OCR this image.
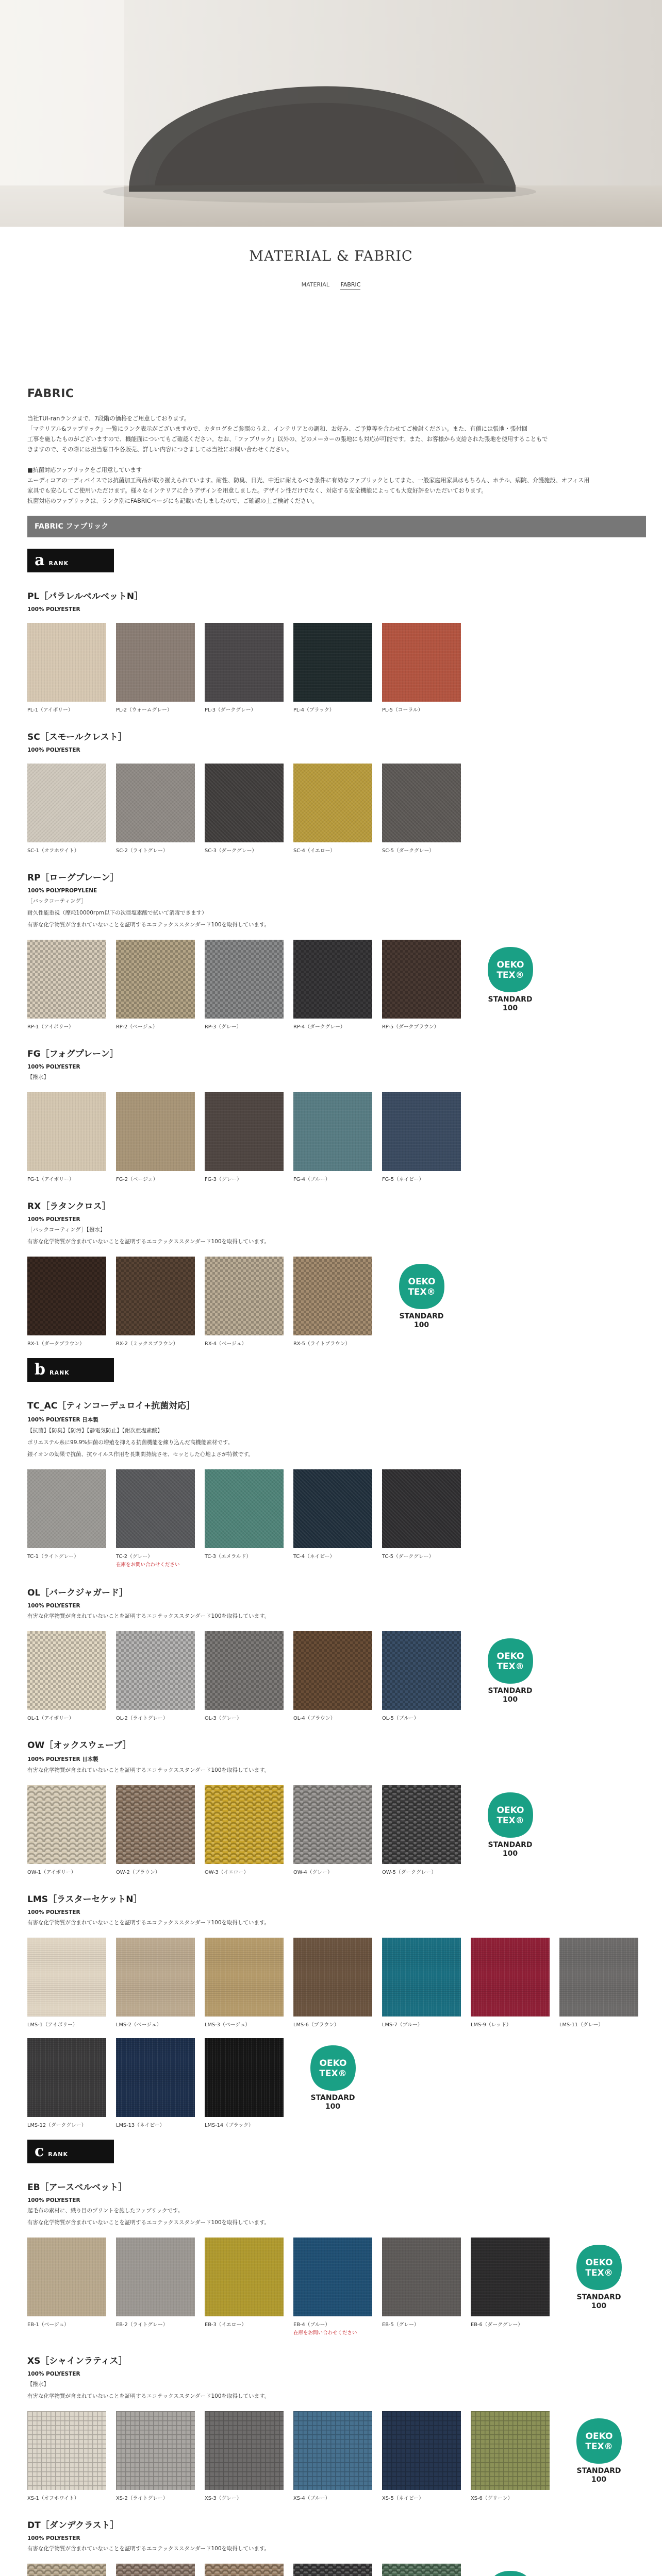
MATERIAL & FABRIC
MATERIAL FABRIC
FABRIC

当社TUI-ranランクまで、7段階の価格をご用意しております。

「マテリアル&ファブリック」一覧にランク表示がございますので、カタログをご参照のうえ、インテリアとの調和、お好み、ご予算等を合わせてご検討ください。また、有償には張地・張付回

工事を施したものがございますので、機能面についてもご確認ください。なお、「ファブリック」以外の、どのメーカーの張地にも対応が可能です。また、お客様から支給された張地を使用することもで

きますので、その際には担当窓口や各販売、詳しい内容につきましては当社にお問い合わせください。

■抗菌対応ファブリックをご用意しています

エーディコアの一ディバイスでは抗菌加工商品が取り揃えられています。耐性、防臭、日光、中近に耐えるべき条件に有効なファブリックとしてまた、一般家庭用家具はもちろん、ホテル、病院、介護施設、オフィス用

家具でも安心してご使用いただけます。様々なインテリアに合うデザインを用意しました。デザイン性だけでなく、対応する安全機能によっても大変好評をいただいております。

抗菌対応のファブリックは、ランク別にFABRICページにも記載いたしましたので、ご確認の上ご検討ください。

FABRIC ファブリック
a RANK
PL［パラレルベルベットN］
100% POLYESTER
PL-1（アイボリー）	PL-2（ウォームグレー）	PL-3（ダークグレー）	PL-4（ブラック）	PL-5（コーラル）
SC［スモールクレスト］
100% POLYESTER
SC-1（オフホワイト）	SC-2（ライトグレー）	SC-3（ダークグレー）	SC-4（イエロー）	SC-5（ダークグレー）
RP［ローグプレーン］
100% POLYPROPYLENE
［バックコーティング］
耐久性能重視（摩耗10000rpm以下の次亜塩素酸で拭いて消毒できます）
有害な化学物質が含まれていないことを証明するエコテックススタンダード100を取得しています。
RP-1（アイボリー）	RP-2（ベージュ）	RP-3（グレー）	RP-4（ダークグレー）	RP-5（ダークブラウン）
OEKO
TEX®
STANDARD
100
FG［フォグプレーン］
100% POLYESTER
【撥水】
FG-1（アイボリー）	FG-2（ベージュ）	FG-3（グレー）	FG-4（ブルー）	FG-5（ネイビー）
RX［ラタンクロス］
100% POLYESTER
［バックコーティング］【撥水】
有害な化学物質が含まれていないことを証明するエコテックススタンダード100を取得しています。
RX-1（ダークブラウン）	RX-2（ミックスブラウン）	RX-4（ベージュ）	RX-5（ライトブラウン）
OEKO
TEX®
STANDARD
100
b RANK
TC_AC［ティンコーデュロイ+抗菌対応］
100% POLYESTER 日本製
【抗菌】【防臭】【防汚】【静電気防止】【耐次亜塩素酸】
ポリエステル糸に99.9%細菌の増殖を抑える抗菌機能を練り込んだ高機能素材です。
銀イオンの効果で抗菌、抗ウイルス作用を長期間持続させ、セッとした心地よさが特徴です。
TC-1（ライトグレー）	TC-2（グレー）
在庫をお問い合わせください
TC-3（エメラルド）	TC-4（ネイビー）	TC-5（ダークグレー）
OL［バークジャガード］
100% POLYESTER
有害な化学物質が含まれていないことを証明するエコテックススタンダード100を取得しています。
OL-1（アイボリー）	OL-2（ライトグレー）	OL-3（グレー）	OL-4（ブラウン）	OL-5（ブルー）
OEKO
TEX®
STANDARD
100
OW［オックスウェーブ］
100% POLYESTER 日本製
有害な化学物質が含まれていないことを証明するエコテックススタンダード100を取得しています。
OW-1（アイボリー）	OW-2（ブラウン）	OW-3（イエロー）	OW-4（グレー）	OW-5（ダークグレー）
OEKO
TEX®
STANDARD
100
LMS［ラスターセケットN］
100% POLYESTER
有害な化学物質が含まれていないことを証明するエコテックススタンダード100を取得しています。
LMS-1（アイボリー）	LMS-2（ベージュ）	LMS-3（ベージュ）	LMS-6（ブラウン）	LMS-7（ブルー）	LMS-9（レッド）	LMS-11（グレー）
LMS-12（ダークグレー）	LMS-13（ネイビー）	LMS-14（ブラック）
OEKO
TEX®
STANDARD
100
c RANK
EB［アースベルベット］
100% POLYESTER
起毛布の素材に、織り目のプリントを施したファブリックです。
有害な化学物質が含まれていないことを証明するエコテックススタンダード100を取得しています。
EB-1（ベージュ）	EB-2（ライトグレー）	EB-3（イエロー）	EB-4（ブルー）
在庫をお問い合わせください
EB-5（グレー）	EB-6（ダークグレー）
OEKO
TEX®
STANDARD
100
XS［シャインラティス］
100% POLYESTER
【撥水】
有害な化学物質が含まれていないことを証明するエコテックススタンダード100を取得しています。
XS-1（オフホワイト）	XS-2（ライトグレー）	XS-3（グレー）	XS-4（ブルー）	XS-5（ネイビー）	XS-6（グリーン）
OEKO
TEX®
STANDARD
100
DT［ダンデクラスト］
100% POLYESTER
有害な化学物質が含まれていないことを証明するエコテックススタンダード100を取得しています。
